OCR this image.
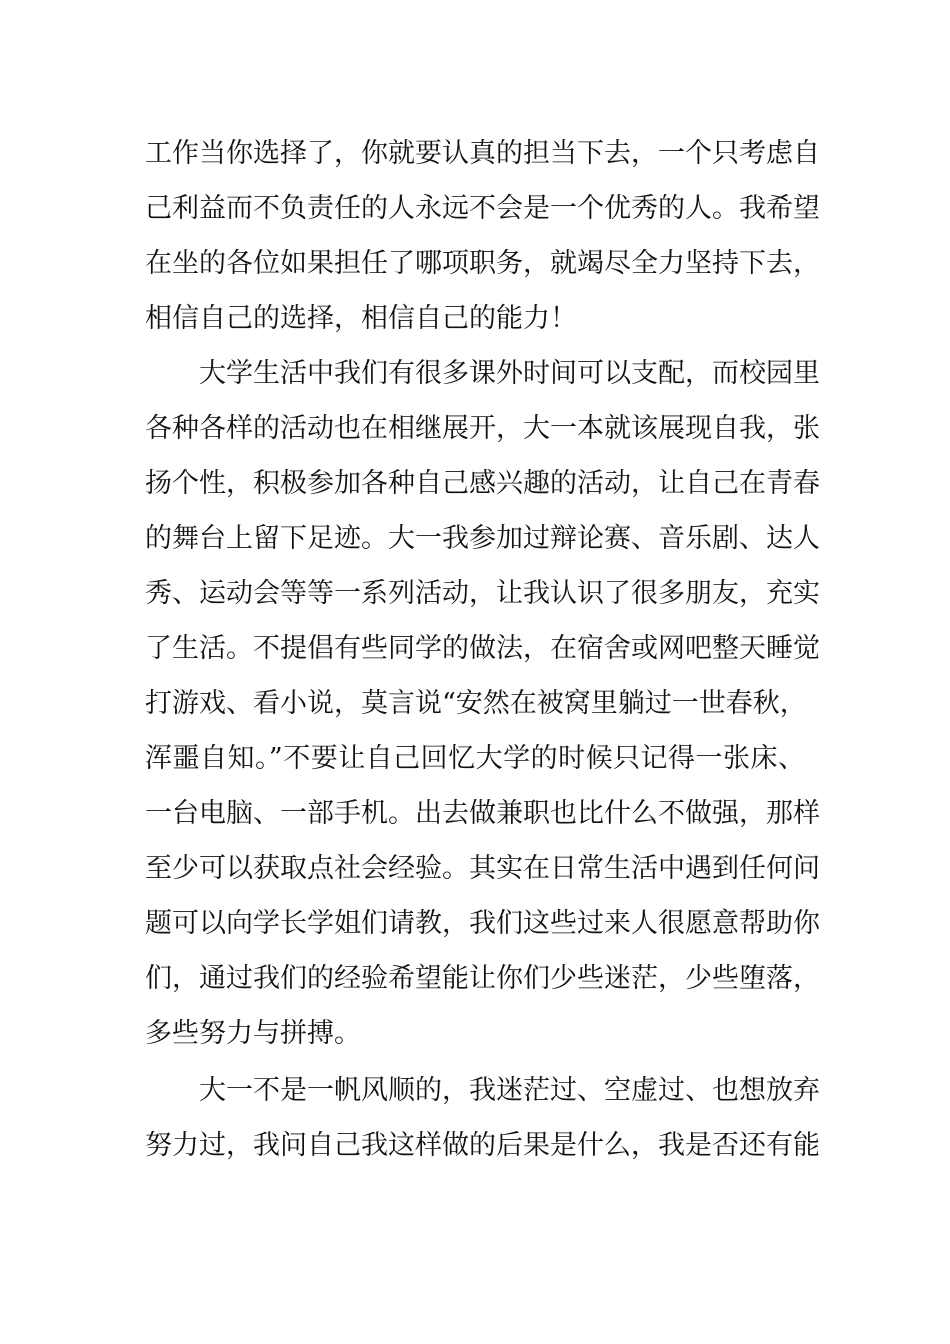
工作当你选择了，你就要认真的担当下去，一个只考虑自
己利益而不负责任的人永远不会是一个优秀的人。我希望
在坐的各位如果担任了哪项职务，就竭尽全力坚持下去，
相信自己的选择，相信自己的能力！
大学生活中我们有很多课外时间可以支配，而校园里
各种各样的活动也在相继展开，大一本就该展现自我，张
扬个性，积极参加各种自己感兴趣的活动，让自己在青春
的舞台上留下足迹。大一我参加过辩论赛、音乐剧、达人
秀、运动会等等一系列活动，让我认识了很多朋友，充实
了生活。不提倡有些同学的做法，在宿舍或网吧整天睡觉
打游戏、看小说，莫言说“安然在被窝里躺过一世春秋，
浑噩自知。”不要让自己回忆大学的时候只记得一张床、
一台电脑、一部手机。出去做兼职也比什么不做强，那样
至少可以获取点社会经验。其实在日常生活中遇到任何问
题可以向学长学姐们请教，我们这些过来人很愿意帮助你
们，通过我们的经验希望能让你们少些迷茫，少些堕落，
多些努力与拼搏。
大一不是一帆风顺的，我迷茫过、空虚过、也想放弃
努力过，我问自己我这样做的后果是什么，我是否还有能
